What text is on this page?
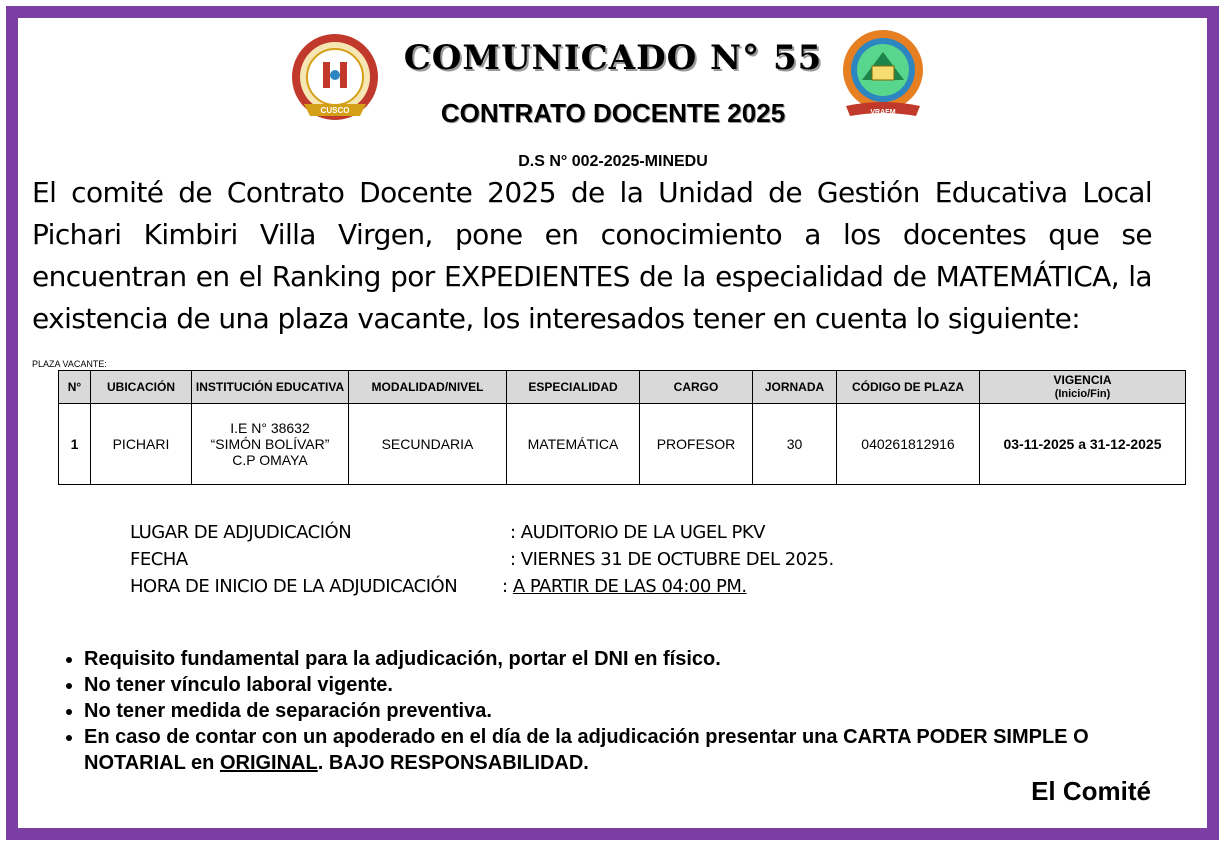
CUSCO	VRAEM
COMUNICADO N° 55
CONTRATO DOCENTE 2025
D.S N° 002-2025-MINEDU
El comité de Contrato Docente 2025 de la Unidad de Gestión Educativa Local Pichari Kimbiri Villa Virgen, pone en conocimiento a los docentes que se encuentran en el Ranking por EXPEDIENTES de la especialidad de MATEMÁTICA, la existencia de una plaza vacante, los interesados tener en cuenta lo siguiente:
PLAZA VACANTE:
N°	UBICACIÓN	INSTITUCIÓN EDUCATIVA	MODALIDAD/NIVEL	ESPECIALIDAD	CARGO	JORNADA	CÓDIGO DE PLAZA	VIGENCIA
(Inicio/Fin)

1	PICHARI	I.E N° 38632
“SIMÓN BOLÍVAR”
C.P OMAYA	SECUNDARIA	MATEMÁTICA	PROFESOR	30	040261812916	03-11-2025 a 31-12-2025
LUGAR DE ADJUDICACIÓN	: AUDITORIO DE LA UGEL PKV
FECHA	: VIERNES 31 DE OCTUBRE DEL 2025.
HORA DE INICIO DE LA ADJUDICACIÓN : A PARTIR DE LAS 04:00 PM.
• Requisito fundamental para la adjudicación, portar el DNI en físico.
• No tener vínculo laboral vigente.
• No tener medida de separación preventiva.
• En caso de contar con un apoderado en el día de la adjudicación presentar una CARTA PODER SIMPLE O NOTARIAL en ORIGINAL. BAJO RESPONSABILIDAD.
El Comité
